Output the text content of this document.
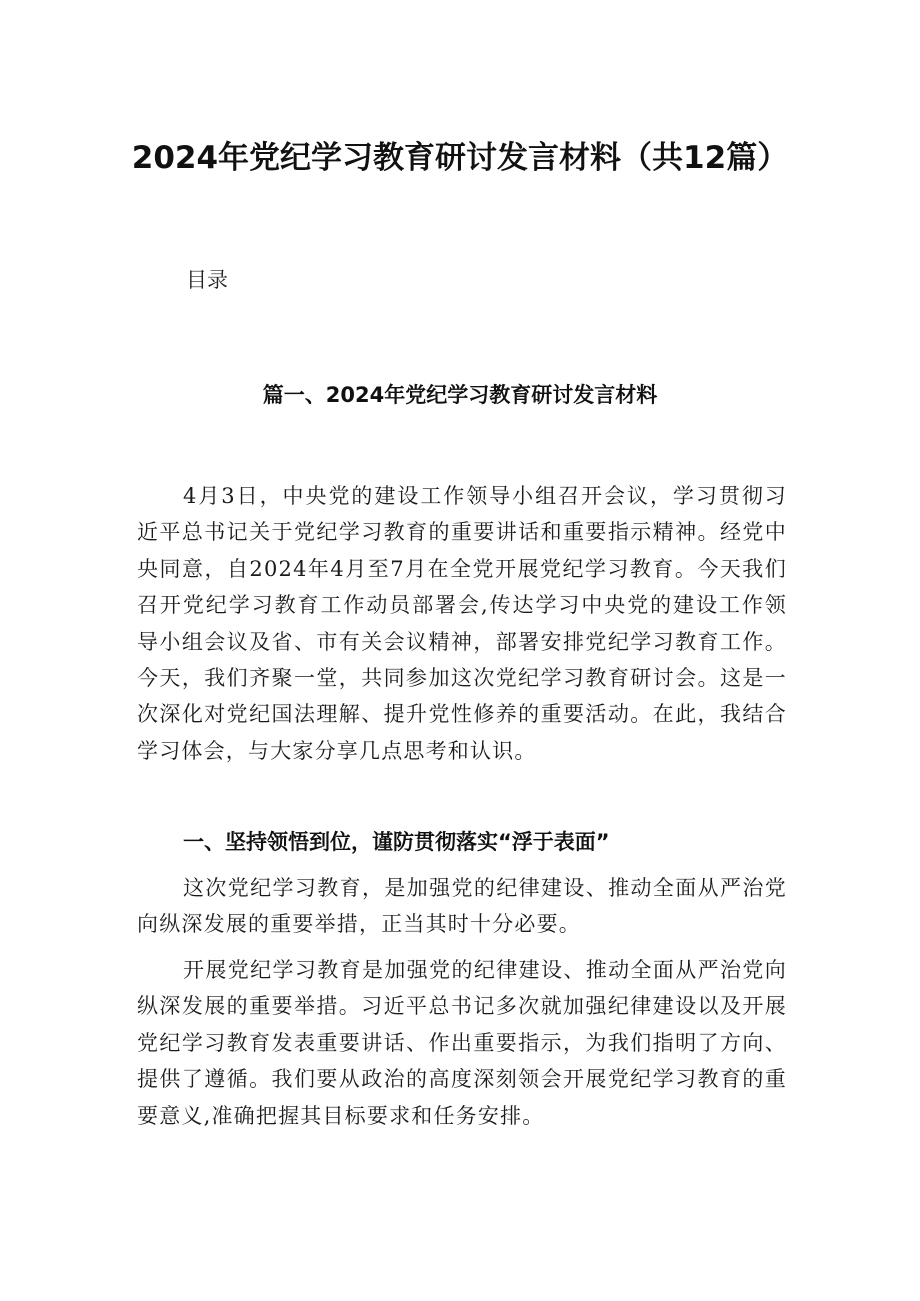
2024年党纪学习教育研讨发言材料（共12篇）
目录
篇一、2024年党纪学习教育研讨发言材料

4月3日，中央党的建设工作领导小组召开会议，学习贯彻习近平总书记关于党纪学习教育的重要讲话和重要指示精神。经党中央同意，自2024年4月至7月在全党开展党纪学习教育。今天我们召开党纪学习教育工作动员部署会,传达学习中央党的建设工作领导小组会议及省、市有关会议精神，部署安排党纪学习教育工作。今天，我们齐聚一堂，共同参加这次党纪学习教育研讨会。这是一次深化对党纪国法理解、提升党性修养的重要活动。在此，我结合学习体会，与大家分享几点思考和认识。

一、坚持领悟到位，谨防贯彻落实“浮于表面”

这次党纪学习教育，是加强党的纪律建设、推动全面从严治党向纵深发展的重要举措，正当其时十分必要。

开展党纪学习教育是加强党的纪律建设、推动全面从严治党向纵深发展的重要举措。习近平总书记多次就加强纪律建设以及开展党纪学习教育发表重要讲话、作出重要指示，为我们指明了方向、提供了遵循。我们要从政治的高度深刻领会开展党纪学习教育的重要意义,准确把握其目标要求和任务安排。
